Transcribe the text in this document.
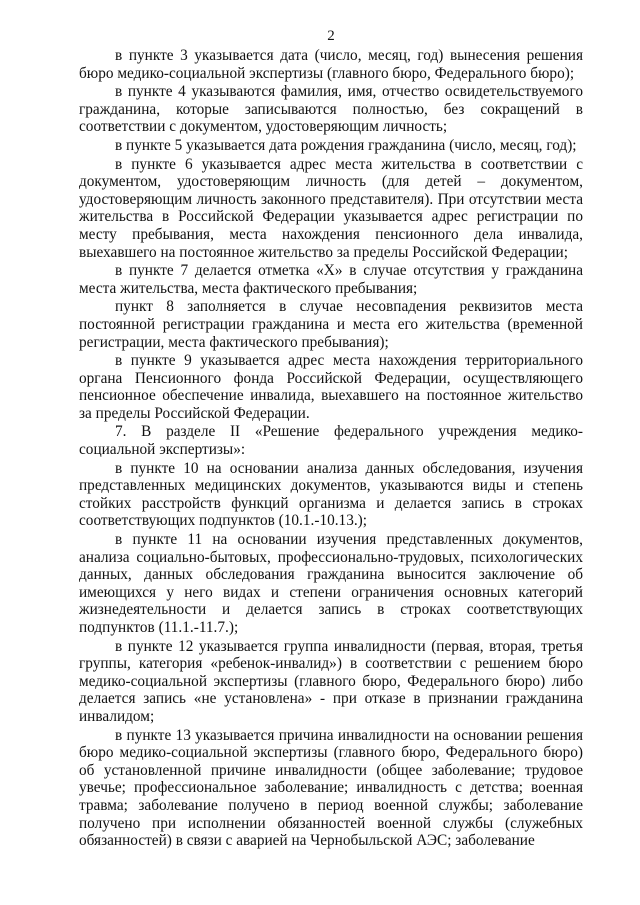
2

в пункте 3 указывается дата (число, месяц, год) вынесения решения бюро медико-социальной экспертизы (главного бюро, Федерального бюро);

в пункте 4 указываются фамилия, имя, отчество освидетельствуемого гражданина, которые записываются полностью, без сокращений в соответствии с документом, удостоверяющим личность;

в пункте 5 указывается дата рождения гражданина (число, месяц, год);

в пункте 6 указывается адрес места жительства в соответствии с документом, удостоверяющим личность (для детей – документом, удостоверяющим личность законного представителя). При отсутствии места жительства в Российской Федерации указывается адрес регистрации по месту пребывания, места нахождения пенсионного дела инвалида, выехавшего на постоянное жительство за пределы Российской Федерации;

в пункте 7 делается отметка «X» в случае отсутствия у гражданина места жительства, места фактического пребывания;

пункт 8 заполняется в случае несовпадения реквизитов места постоянной регистрации гражданина и места его жительства (временной регистрации, места фактического пребывания);

в пункте 9 указывается адрес места нахождения территориального органа Пенсионного фонда Российской Федерации, осуществляющего пенсионное обеспечение инвалида, выехавшего на постоянное жительство за пределы Российской Федерации.

7. В разделе II «Решение федерального учреждения медико-социальной экспертизы»:

в пункте 10 на основании анализа данных обследования, изучения представленных медицинских документов, указываются виды и степень стойких расстройств функций организма и делается запись в строках соответствующих подпунктов (10.1.-10.13.);

в пункте 11 на основании изучения представленных документов, анализа социально-бытовых, профессионально-трудовых, психологических данных, данных обследования гражданина выносится заключение об имеющихся у него видах и степени ограничения основных категорий жизнедеятельности и делается запись в строках соответствующих подпунктов (11.1.-11.7.);

в пункте 12 указывается группа инвалидности (первая, вторая, третья группы, категория «ребенок-инвалид») в соответствии с решением бюро медико-социальной экспертизы (главного бюро, Федерального бюро) либо делается запись «не установлена» - при отказе в признании гражданина инвалидом;

в пункте 13 указывается причина инвалидности на основании решения бюро медико-социальной экспертизы (главного бюро, Федерального бюро) об установленной причине инвалидности (общее заболевание; трудовое увечье; профессиональное заболевание; инвалидность с детства; военная травма; заболевание получено в период военной службы; заболевание получено при исполнении обязанностей военной службы (служебных обязанностей) в связи с аварией на Чернобыльской АЭС; заболевание
